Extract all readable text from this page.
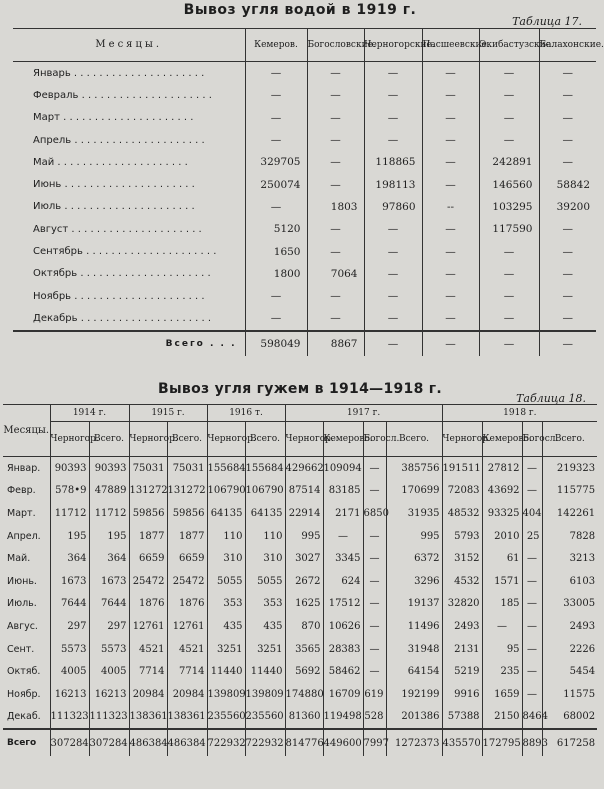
Вывоз угля водой в 1919 г.
Таблица 17.
Месяцы.	Кемеров.	Богословские.	Черногорские.	Пасшеевские.	Экибастузские.	Балахонские.
Январь . . . . . . . . . . . . . . . . . . . . .	—	—	—	—	—	—
Февраль . . . . . . . . . . . . . . . . . . . . .	—	—	—	—	—	—
Март . . . . . . . . . . . . . . . . . . . . .	—	—	—	—	—	—
Апрель . . . . . . . . . . . . . . . . . . . . .	—	—	—	—	—	—
Май . . . . . . . . . . . . . . . . . . . . .	329705	—	118865	—	242891	—
Июнь . . . . . . . . . . . . . . . . . . . . .	250074	—	198113	—	146560	58842
Июль . . . . . . . . . . . . . . . . . . . . .	—	1803	97860	--	103295	39200
Август . . . . . . . . . . . . . . . . . . . . .	5120	—	—	—	117590	—
Сентябрь . . . . . . . . . . . . . . . . . . . . .	1650	—	—	—	—	—
Октябрь . . . . . . . . . . . . . . . . . . . . .	1800	7064	—	—	—	—
Ноябрь . . . . . . . . . . . . . . . . . . . . .	—	—	—	—	—	—
Декабрь . . . . . . . . . . . . . . . . . . . . .	—	—	—	—	—	—
Всего . . .	598049	8867	—	—	—	—
Вывоз угля гужем в 1914—1918 г.
Таблица 18.
Месяцы.	1914 г.		1915 г.		1916 т.		1917 г.				1918 г.			
	Черногор.	Всего.	Черногор.	Всего.	Черногор.	Всего.	Черногор.	Кемерово.	Богосл.	Всего.	Черногор.	Кемерово.	Богосл.	Всего.
Январ.	90393	90393	75031	75031	155684	155684	429662	109094	—	385756	191511	27812	—	219323
Февр.	578•9	47889	131272	131272	106790	106790	87514	83185	—	170699	72083	43692	—	115775
Март.	11712	11712	59856	59856	64135	64135	22914	2171	6850	31935	48532	93325	404	142261
Апрел.	195	195	1877	1877	110	110	995	—	—	995	5793	2010	25	7828
Май.	364	364	6659	6659	310	310	3027	3345	—	6372	3152	61	—	3213
Июнь.	1673	1673	25472	25472	5055	5055	2672	624	—	3296	4532	1571	—	6103
Июль.	7644	7644	1876	1876	353	353	1625	17512	—	19137	32820	185	—	33005
Авгус.	297	297	12761	12761	435	435	870	10626	—	11496	2493	—	—	2493
Сент.	5573	5573	4521	4521	3251	3251	3565	28383	—	31948	2131	95	—	2226
Октяб.	4005	4005	7714	7714	11440	11440	5692	58462	—	64154	5219	235	—	5454
Ноябр.	16213	16213	20984	20984	139809	139809	174880	16709	619	192199	9916	1659	—	11575
Декаб.	111323	111323	138361	138361	235560	235560	81360	119498	528	201386	57388	2150	8464	68002
Всего	307284	307284	486384	486384	722932	722932	814776	449600	7997	1272373	435570	172795	8893	617258
